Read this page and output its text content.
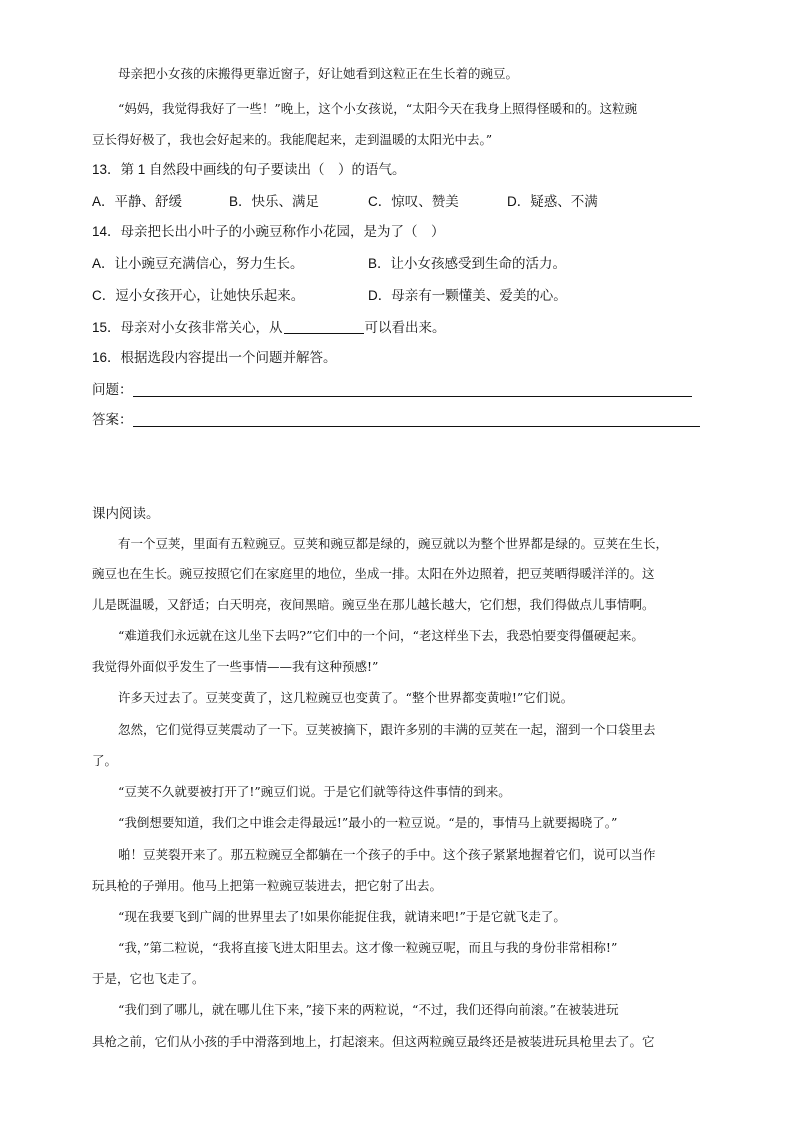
母亲把小女孩的床搬得更靠近窗子，好让她看到这粒正在生长着的豌豆。
“妈妈，我觉得我好了一些！”晚上，这个小女孩说，“太阳今天在我身上照得怪暖和的。这粒豌
豆长得好极了，我也会好起来的。我能爬起来，走到温暖的太阳光中去。”
13．第 1 自然段中画线的句子要读出（　）的语气。
A．平静、舒缓	B．快乐、满足	C．惊叹、赞美	D．疑惑、不满
14．母亲把长出小叶子的小豌豆称作小花园，是为了（　）
A．让小豌豆充满信心，努力生长。	B．让小女孩感受到生命的活力。
C．逗小女孩开心，让她快乐起来。	D．母亲有一颗懂美、爱美的心。
15．母亲对小女孩非常关心，从	可以看出来。
16．根据选段内容提出一个问题并解答。
问题：
答案：
课内阅读。
有一个豆荚，里面有五粒豌豆。豆荚和豌豆都是绿的，豌豆就以为整个世界都是绿的。豆荚在生长，
豌豆也在生长。豌豆按照它们在家庭里的地位，坐成一排。太阳在外边照着，把豆荚晒得暖洋洋的。这
儿是既温暖，又舒适；白天明亮，夜间黑暗。豌豆坐在那儿越长越大，它们想，我们得做点儿事情啊。
“难道我们永远就在这儿坐下去吗?”它们中的一个问，“老这样坐下去，我恐怕要变得僵硬起来。
我觉得外面似乎发生了一些事情——我有这种预感!”
许多天过去了。豆荚变黄了，这几粒豌豆也变黄了。“整个世界都变黄啦!”它们说。
忽然，它们觉得豆荚震动了一下。豆荚被摘下，跟许多别的丰满的豆荚在一起，溜到一个口袋里去
了。
“豆荚不久就要被打开了!”豌豆们说。于是它们就等待这件事情的到来。
“我倒想要知道，我们之中谁会走得最远!”最小的一粒豆说。“是的，事情马上就要揭晓了。”
啪！豆荚裂开来了。那五粒豌豆全都躺在一个孩子的手中。这个孩子紧紧地握着它们，说可以当作
玩具枪的子弹用。他马上把第一粒豌豆装进去，把它射了出去。
“现在我要飞到广阔的世界里去了!如果你能捉住我，就请来吧!”于是它就飞走了。
“我，”第二粒说，“我将直接飞进太阳里去。这才像一粒豌豆呢，而且与我的身份非常相称!”
于是，它也飞走了。
“我们到了哪儿，就在哪儿住下来，”接下来的两粒说，“不过，我们还得向前滚。”在被装进玩
具枪之前，它们从小孩的手中滑落到地上，打起滚来。但这两粒豌豆最终还是被装进玩具枪里去了。它
